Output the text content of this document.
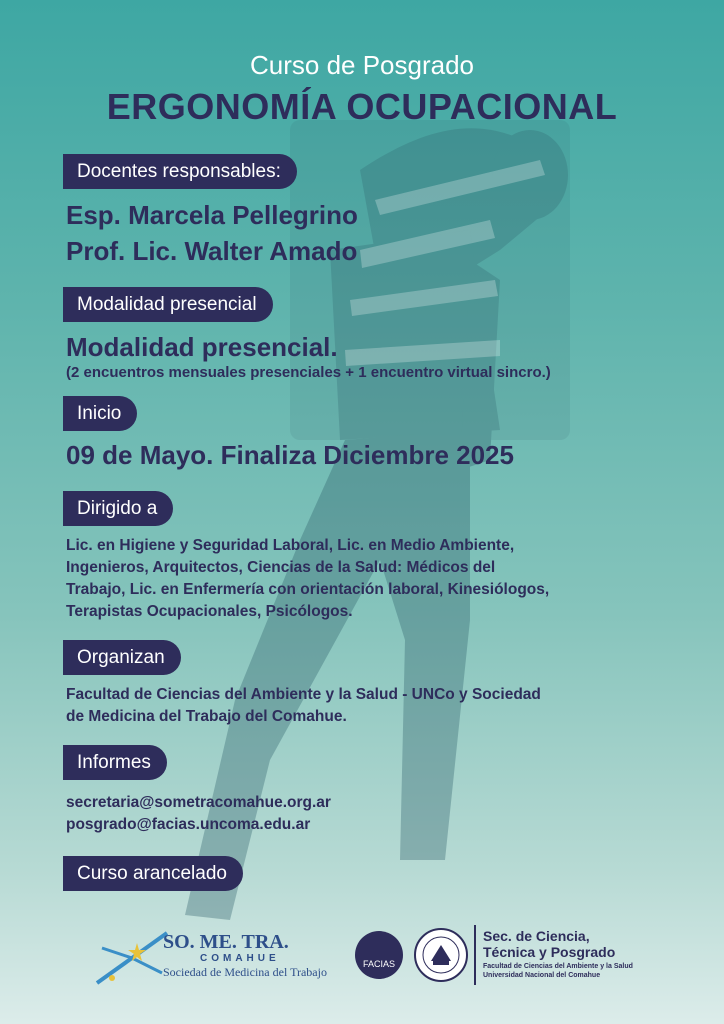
Curso de Posgrado
ERGONOMÍA OCUPACIONAL
Docentes responsables:
Esp. Marcela Pellegrino
Prof. Lic. Walter Amado
Modalidad presencial
Modalidad presencial.
(2 encuentros mensuales presenciales + 1 encuentro virtual sincro.)
Inicio
09 de Mayo. Finaliza Diciembre 2025
Dirigido a
Lic. en Higiene y Seguridad Laboral, Lic. en Medio Ambiente,
Ingenieros, Arquitectos, Ciencias de la Salud: Médicos del
Trabajo, Lic. en Enfermería con orientación laboral, Kinesiólogos,
Terapistas Ocupacionales, Psicólogos.
Organizan
Facultad de Ciencias del Ambiente y la Salud - UNCo y Sociedad
de Medicina del Trabajo del Comahue.
Informes
secretaria@sometracomahue.org.ar
posgrado@facias.uncoma.edu.ar
Curso arancelado
SO. ME. TRA.
COMAHUE
Sociedad de Medicina del Trabajo
FACIAS
Sec. de Ciencia,
Técnica y Posgrado
Facultad de Ciencias del Ambiente y la Salud
Universidad Nacional del Comahue
